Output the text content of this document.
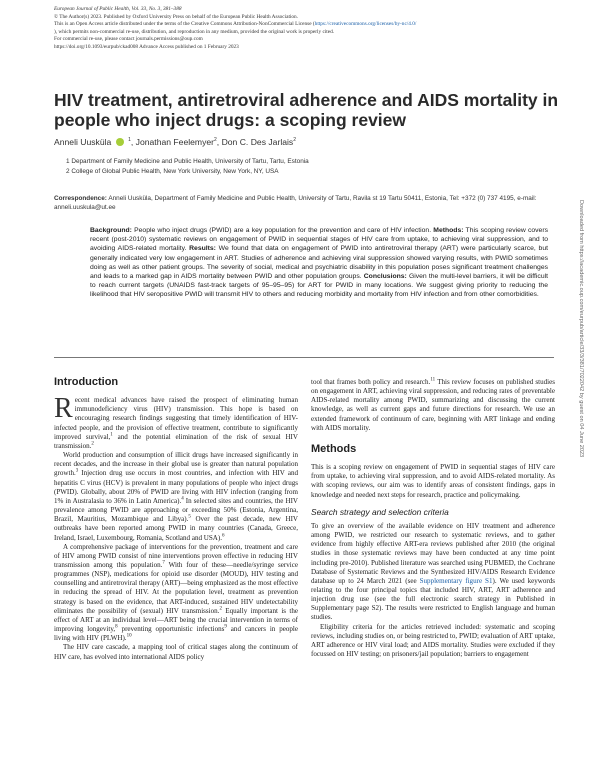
European Journal of Public Health, Vol. 33, No. 3, 381–388
© The Author(s) 2023. Published by Oxford University Press on behalf of the European Public Health Association.
This is an Open Access article distributed under the terms of the Creative Commons Attribution-NonCommercial License (https://creativecommons.org/licenses/by-nc/4.0/
), which permits non-commercial re-use, distribution, and reproduction in any medium, provided the original work is properly cited.
For commercial re-use, please contact journals.permissions@oup.com
https://doi.org/10.1093/eurpub/ckad008 Advance Access published on 1 February 2023
HIV treatment, antiretroviral adherence and AIDS mortality in people who inject drugs: a scoping review
Anneli Uusküla	$^1$, Jonathan Feelemyer$^2$, Don C. Des Jarlais$^2$
1 Department of Family Medicine and Public Health, University of Tartu, Tartu, Estonia
2 College of Global Public Health, New York University, New York, NY, USA
Correspondence: Anneli Uusküla, Department of Family Medicine and Public Health, University of Tartu, Ravila st 19 Tartu 50411, Estonia, Tel: +372 (0) 737 4195, e-mail: anneli.uuskula@ut.ee
Background: People who inject drugs (PWID) are a key population for the prevention and care of HIV infection. Methods: This scoping review covers recent (post-2010) systematic reviews on engagement of PWID in sequential stages of HIV care from uptake, to achieving viral suppression, and to avoiding AIDS-related mortality. Results: We found that data on engagement of PWID into antiretroviral therapy (ART) were particularly scarce, but generally indicated very low engagement in ART. Studies of adherence and achieving viral suppression showed varying results, with PWID sometimes doing as well as other patient groups. The severity of social, medical and psychiatric disability in this population poses significant treatment challenges and leads to a marked gap in AIDS mortality between PWID and other population groups. Conclusions: Given the multi-level barriers, it will be difficult to reach current targets (UNAIDS fast-track targets of 95–95–95) for ART for PWID in many locations. We suggest giving priority to reducing the likelihood that HIV seropositive PWID will transmit HIV to others and reducing morbidity and mortality from HIV infection and from other comorbidities.	Downloaded from https://academic.oup.com/eurpub/article/33/3/381/7022042 by guest on 04 June 2023
Introduction

Recent medical advances have raised the prospect of eliminating human immunodeficiency virus (HIV) transmission. This hope is based on encouraging research findings suggesting that timely identification of HIV-infected people, and the provision of effective treatment, contribute to significantly improved survival,$^1$ and the potential elimination of the risk of sexual HIV transmission.$^2$

World production and consumption of illicit drugs have increased significantly in recent decades, and the increase in their global use is greater than natural population growth.$^3$ Injection drug use occurs in most countries, and infection with HIV and hepatitis C virus (HCV) is prevalent in many populations of people who inject drugs (PWID). Globally, about 20% of PWID are living with HIV infection (ranging from 1% in Australasia to 36% in Latin America).$^4$ In selected sites and countries, the HIV prevalence among PWID are approaching or exceeding 50% (Estonia, Argentina, Brazil, Mauritius, Mozambique and Libya).$^5$ Over the past decade, new HIV outbreaks have been reported among PWID in many countries (Canada, Greece, Ireland, Israel, Luxembourg, Romania, Scotland and USA).$^6$

A comprehensive package of interventions for the prevention, treatment and care of HIV among PWID consist of nine interventions proven effective in reducing HIV transmission among this population.$^7$ With four of these—needle/syringe service programmes (NSP), medications for opioid use disorder (MOUD), HIV testing and counselling and antiretroviral therapy (ART)—being emphasized as the most effective in reducing the spread of HIV. At the population level, treatment as prevention strategy is based on the evidence, that ART-induced, sustained HIV undetectability eliminates the possibility of (sexual) HIV transmission.$^2$ Equally important is the effect of ART at an individual level—ART being the crucial intervention in terms of improving longevity,$^8$ preventing opportunistic infections$^9$ and cancers in people living with HIV (PLWH).$^{10}$

The HIV care cascade, a mapping tool of critical stages along the continuum of HIV care, has evolved into international AIDS policy

tool that frames both policy and research.$^{11}$ This review focuses on published studies on engagement in ART, achieving viral suppression, and reducing rates of preventable AIDS-related mortality among PWID, summarizing and discussing the current knowledge, as well as current gaps and future directions for research. We use an extended framework of continuum of care, beginning with ART linkage and ending with AIDS mortality.

Methods

This is a scoping review on engagement of PWID in sequential stages of HIV care from uptake, to achieving viral suppression, and to avoid AIDS-related mortality. As with scoping reviews, our aim was to identify areas of consistent findings, gaps in knowledge and needed next steps for research, practice and policymaking.

Search strategy and selection criteria

To give an overview of the available evidence on HIV treatment and adherence among PWID, we restricted our research to systematic reviews, and to gather evidence from highly effective ART-era reviews published after 2010 (the original studies in those systematic reviews may have been conducted at any time point including pre-2010). Published literature was searched using PUBMED, the Cochrane Database of Systematic Reviews and the Synthesized HIV/AIDS Research Evidence database up to 24 March 2021 (see Supplementary figure S1). We used keywords relating to the four principal topics that included HIV, ART, ART adherence and injection drug use (see the full electronic search strategy in Published in Supplementary page S2). The results were restricted to English language and human studies.

Eligibility criteria for the articles retrieved included: systematic and scoping reviews, including studies on, or being restricted to, PWID; evaluation of ART uptake, ART adherence or HIV viral load; and AIDS mortality. Studies were excluded if they focussed on HIV testing; on prisoners/jail population; barriers to engagement
